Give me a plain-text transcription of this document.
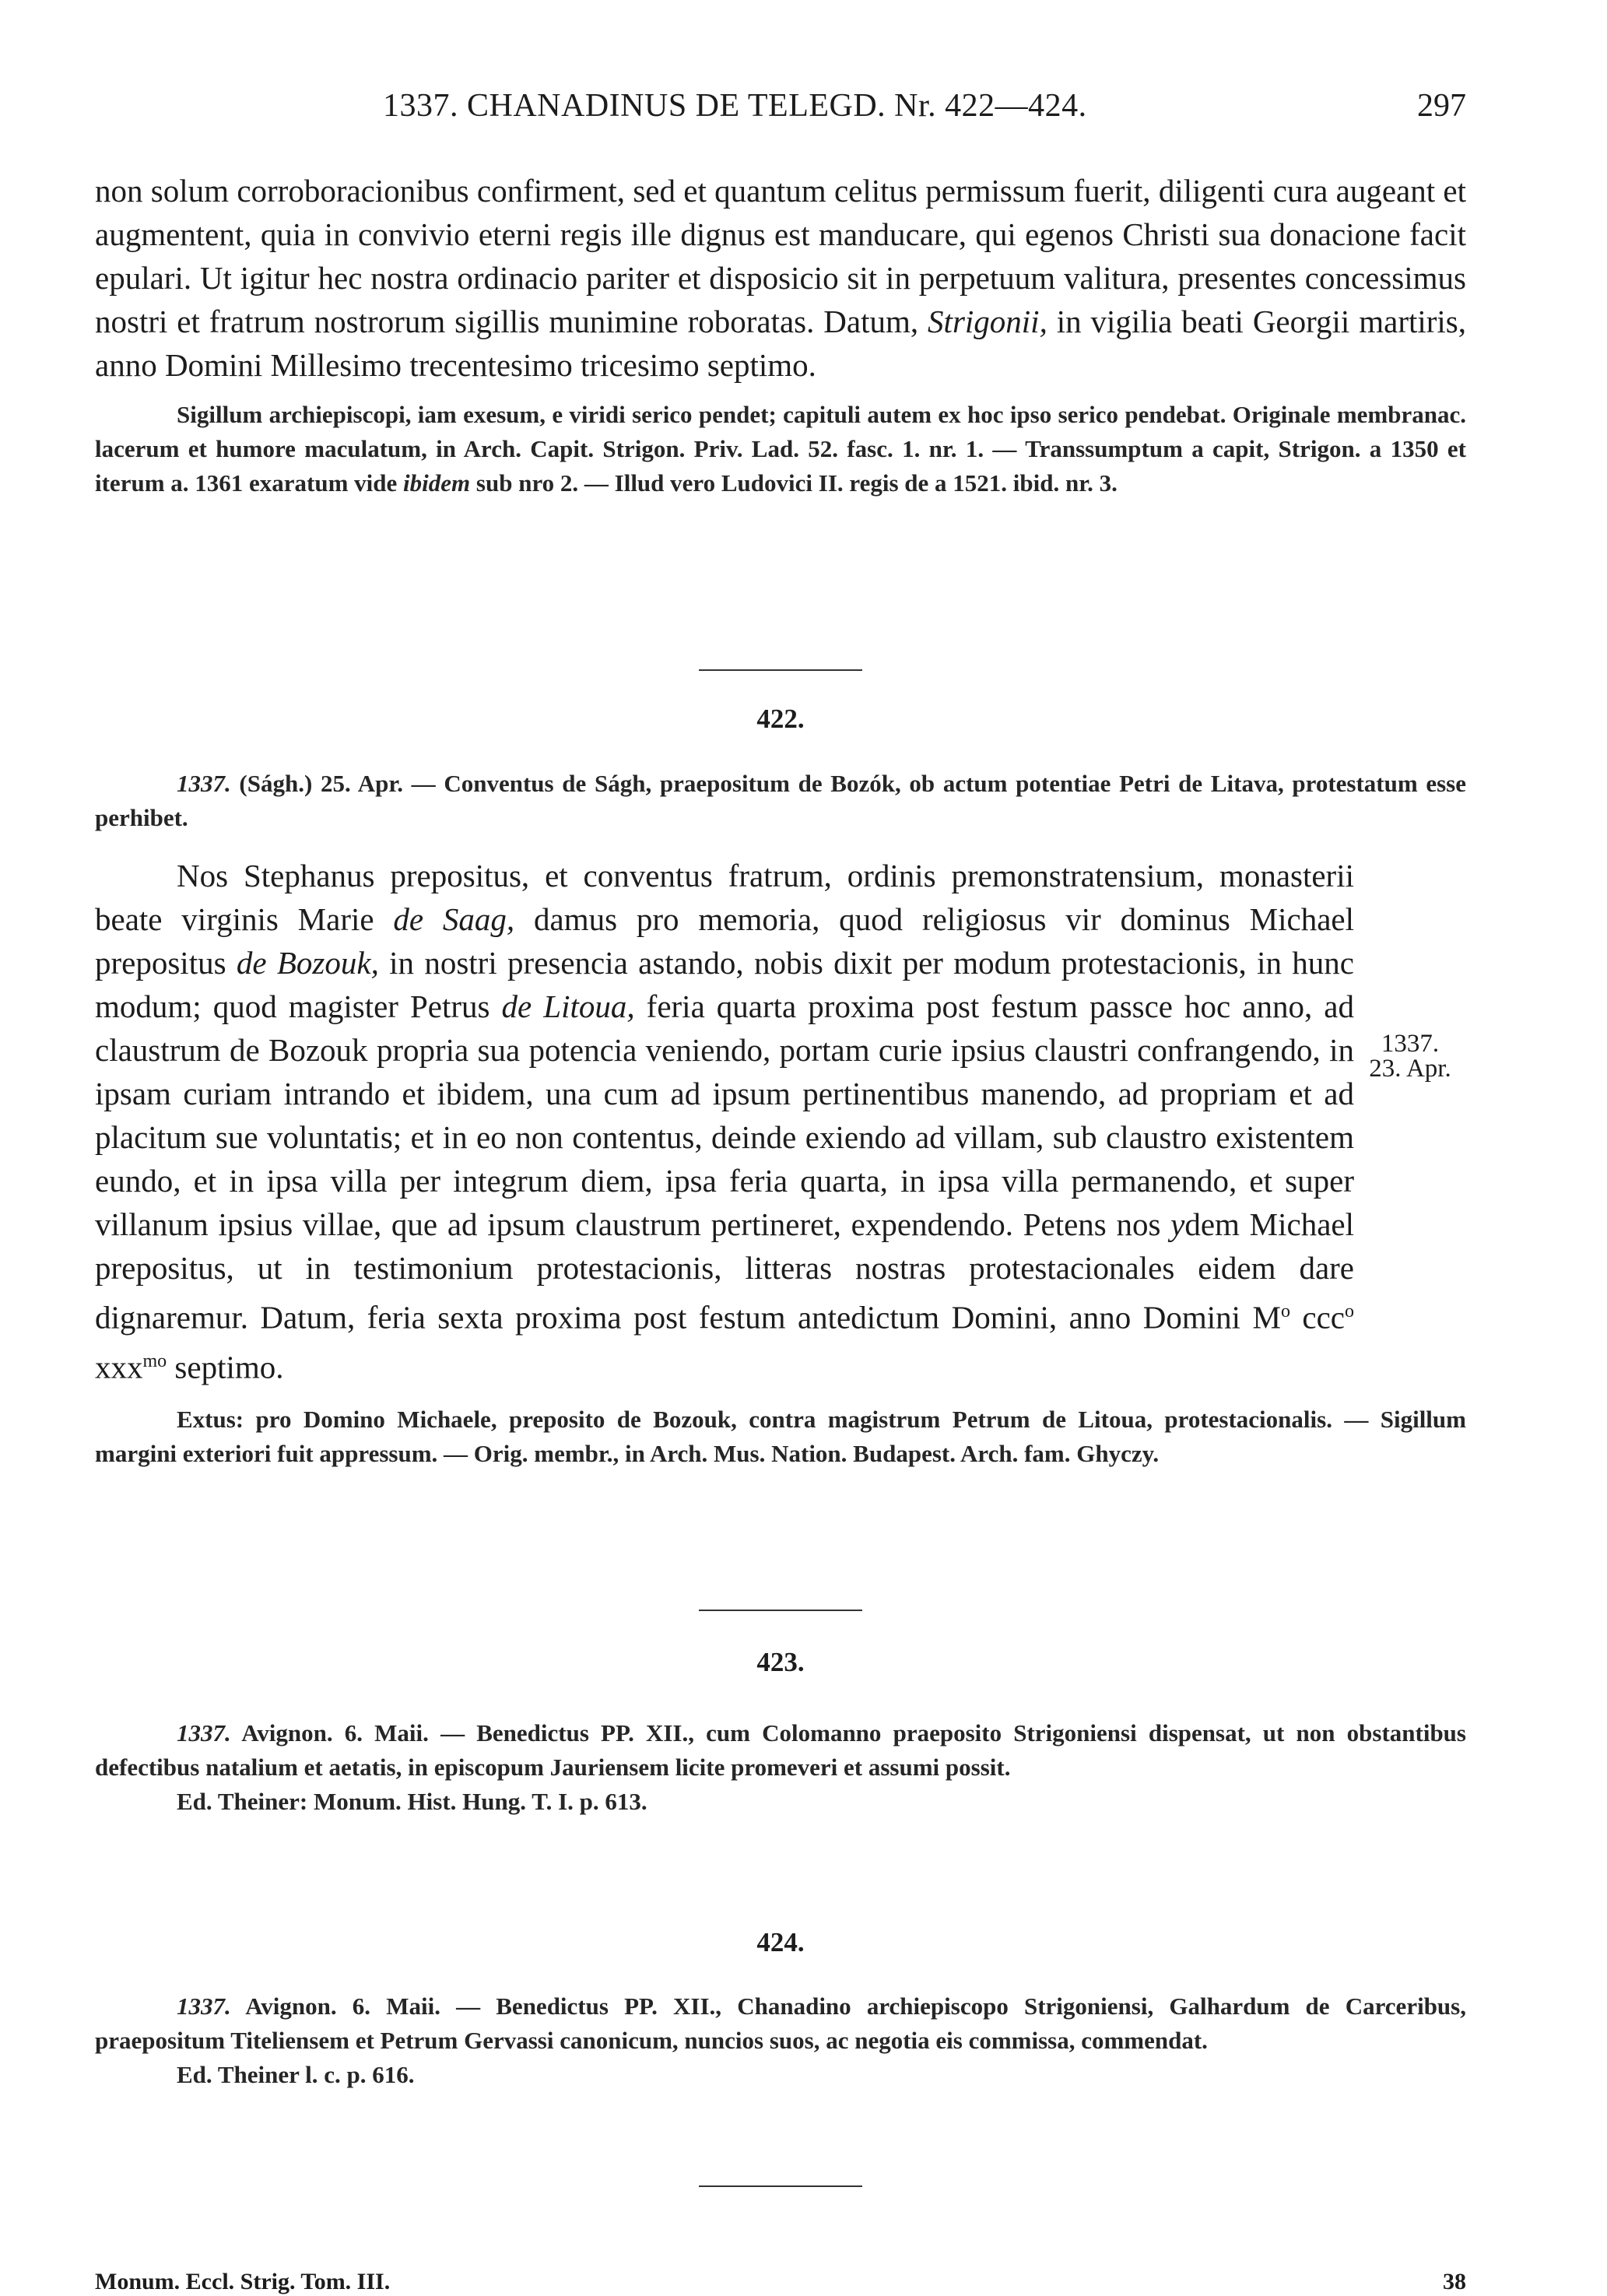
1337. CHANADINUS DE TELEGD. Nr. 422—424.	297

non solum corroboracionibus confirment, sed et quantum celitus permissum fuerit, diligenti cura augeant et augmentent, quia in convivio eterni regis ille dignus est manducare, qui egenos Christi sua donacione facit epulari. Ut igitur hec nostra ordinacio pariter et disposicio sit in perpetuum valitura, presentes concessimus nostri et fratrum nostrorum sigillis munimine roboratas. Datum, Strigonii, in vigilia beati Georgii martiris, anno Domini Millesimo trecentesimo tricesimo septimo.

Sigillum archiepiscopi, iam exesum, e viridi serico pendet; capituli autem ex hoc ipso serico pendebat. Originale membranac. lacerum et humore maculatum, in Arch. Capit. Strigon. Priv. Lad. 52. fasc. 1. nr. 1. — Transsumptum a capit, Strigon. a 1350 et iterum a. 1361 exaratum vide ibidem sub nro 2. — Illud vero Ludovici II. regis de a 1521. ibid. nr. 3.

422.

1337. (Ságh.) 25. Apr. — Conventus de Ságh, praepositum de Bozók, ob actum potentiae Petri de Litava, protestatum esse perhibet.

Nos Stephanus prepositus, et conventus fratrum, ordinis premonstratensium, monasterii beate virginis Marie de Saag, damus pro memoria, quod religiosus vir dominus Michael prepositus de Bozouk, in nostri presencia astando, nobis dixit per modum protestacionis, in hunc modum; quod magister Petrus de Litoua, feria quarta proxima post festum passce hoc anno, ad claustrum de Bozouk propria sua potencia veniendo, portam curie ipsius claustri confrangendo, in ipsam curiam intrando et ibidem, una cum ad ipsum pertinentibus manendo, ad propriam et ad placitum sue voluntatis; et in eo non contentus, deinde exiendo ad villam, sub claustro existentem eundo, et in ipsa villa per integrum diem, ipsa feria quarta, in ipsa villa permanendo, et super villanum ipsius villae, que ad ipsum claustrum pertineret, expendendo. Petens nos ydem Michael prepositus, ut in testimonium protestacionis, litteras nostras protestacionales eidem dare dignaremur. Datum, feria sexta proxima post festum antedictum Domini, anno Domini $M^o$ ccc$^o$ xxx$^{mo}$ septimo.

Extus: pro Domino Michaele, preposito de Bozouk, contra magistrum Petrum de Litoua, protestacionalis. — Sigillum margini exteriori fuit appressum. — Orig. membr., in Arch. Mus. Nation. Budapest. Arch. fam. Ghyczy.

1337.
23. Apr.
423.

1337. Avignon. 6. Maii. — Benedictus PP. XII., cum Colomanno praeposito Strigoniensi dispensat, ut non obstantibus defectibus natalium et aetatis, in episcopum Jauriensem licite promeveri et assumi possit.

Ed. Theiner: Monum. Hist. Hung. T. I. p. 613.

424.

1337. Avignon. 6. Maii. — Benedictus PP. XII., Chanadino archiepiscopo Strigoniensi, Galhardum de Carceribus, praepositum Titeliensem et Petrum Gervassi canonicum, nuncios suos, ac negotia eis commissa, commendat.

Ed. Theiner l. c. p. 616.

Monum. Eccl. Strig. Tom. III.	38
